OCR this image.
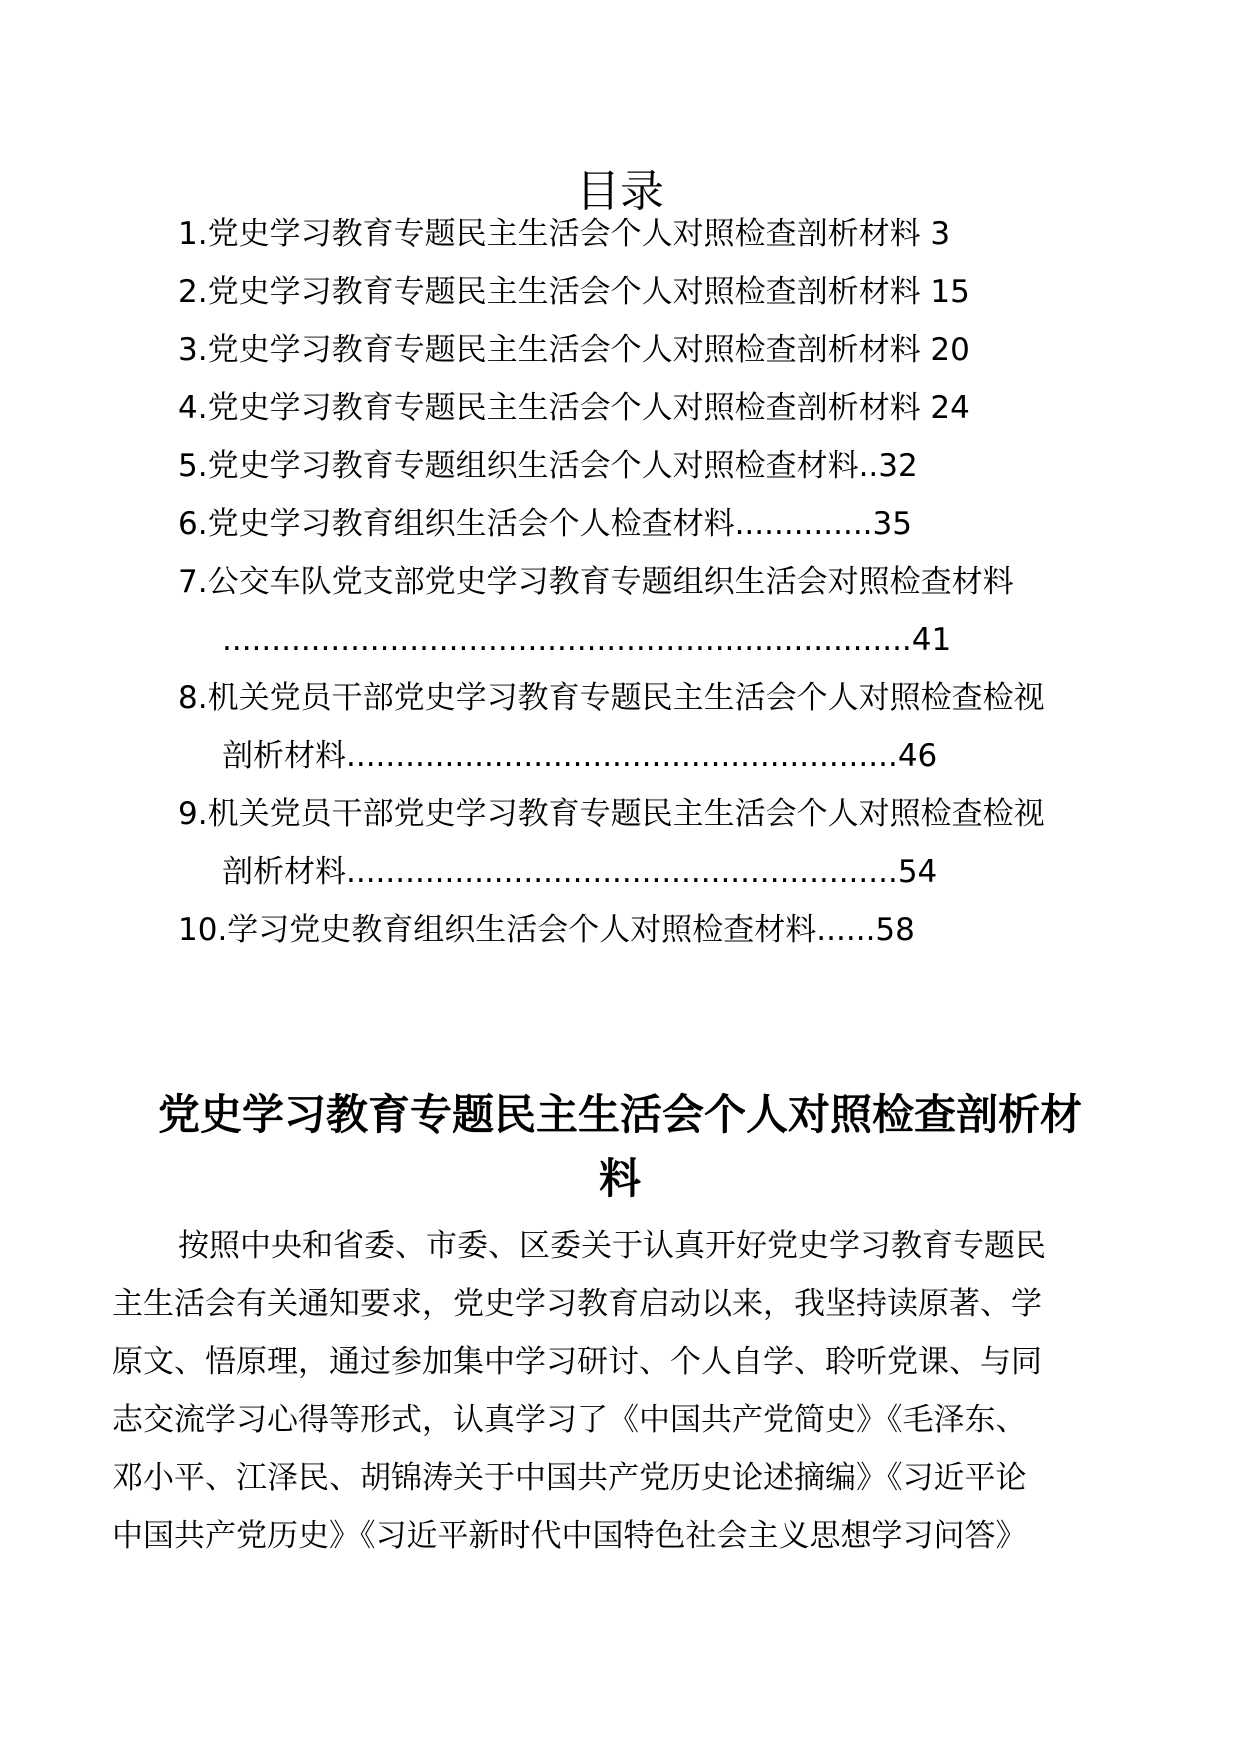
目录
1.党史学习教育专题民主生活会个人对照检查剖析材料 3
2.党史学习教育专题民主生活会个人对照检查剖析材料 15
3.党史学习教育专题民主生活会个人对照检查剖析材料 20
4.党史学习教育专题民主生活会个人对照检查剖析材料 24
5.党史学习教育专题组织生活会个人对照检查材料..32
6.党史学习教育组织生活会个人检查材料..............35
7.公交车队党支部党史学习教育专题组织生活会对照检查材料
......................................................................41
8.机关党员干部党史学习教育专题民主生活会个人对照检查检视
剖析材料........................................................46
9.机关党员干部党史学习教育专题民主生活会个人对照检查检视
剖析材料........................................................54
10.学习党史教育组织生活会个人对照检查材料......58
党史学习教育专题民主生活会个人对照检查剖析材
料
按照中央和省委、市委、区委关于认真开好党史学习教育专题民
主生活会有关通知要求，党史学习教育启动以来，我坚持读原著、学
原文、悟原理，通过参加集中学习研讨、个人自学、聆听党课、与同
志交流学习心得等形式，认真学习了《中国共产党简史》《毛泽东、
邓小平、江泽民、胡锦涛关于中国共产党历史论述摘编》《习近平论
中国共产党历史》《习近平新时代中国特色社会主义思想学习问答》
